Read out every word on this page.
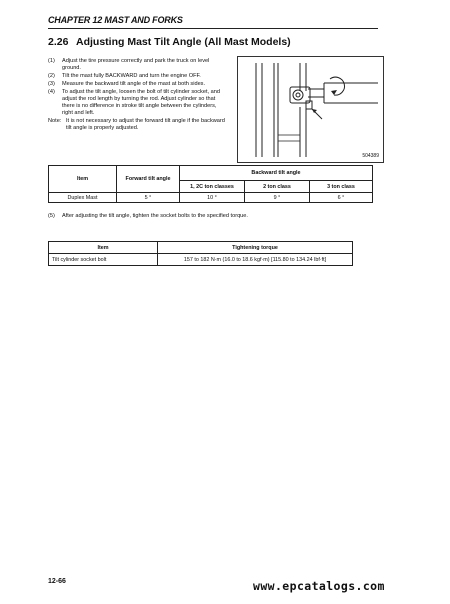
CHAPTER 12 MAST AND FORKS
2.26 Adjusting Mast Tilt Angle (All Mast Models)
(1)	Adjust the tire pressure correctly and park the truck on level ground.
(2)	Tilt the mast fully BACKWARD and turn the engine OFF.
(3)	Measure the backward tilt angle of the mast at both sides.
(4)	To adjust the tilt angle, loosen the bolt of tilt cylinder socket, and adjust the rod length by turning the rod. Adjust cylinder so that there is no difference in stroke tilt angle between the cylinders, right and left.
Note: It is not necessary to adjust the forward tilt angle if the backward tilt angle is properly adjusted.
504389
Item	Forward tilt angle	Backward tilt angle		
		1, 2C ton classes	2 ton class	3 ton class
Duplex Mast	5 °	10 °	9 °	6 °
(5)	After adjusting the tilt angle, tighten the socket bolts to the specified torque.
Item	Tightening torque
Tilt cylinder socket bolt	157 to 182 N·m (16.0 to 18.6 kgf·m) [115.80 to 134.24 lbf·ft]
12-66	www.epcatalogs.com
